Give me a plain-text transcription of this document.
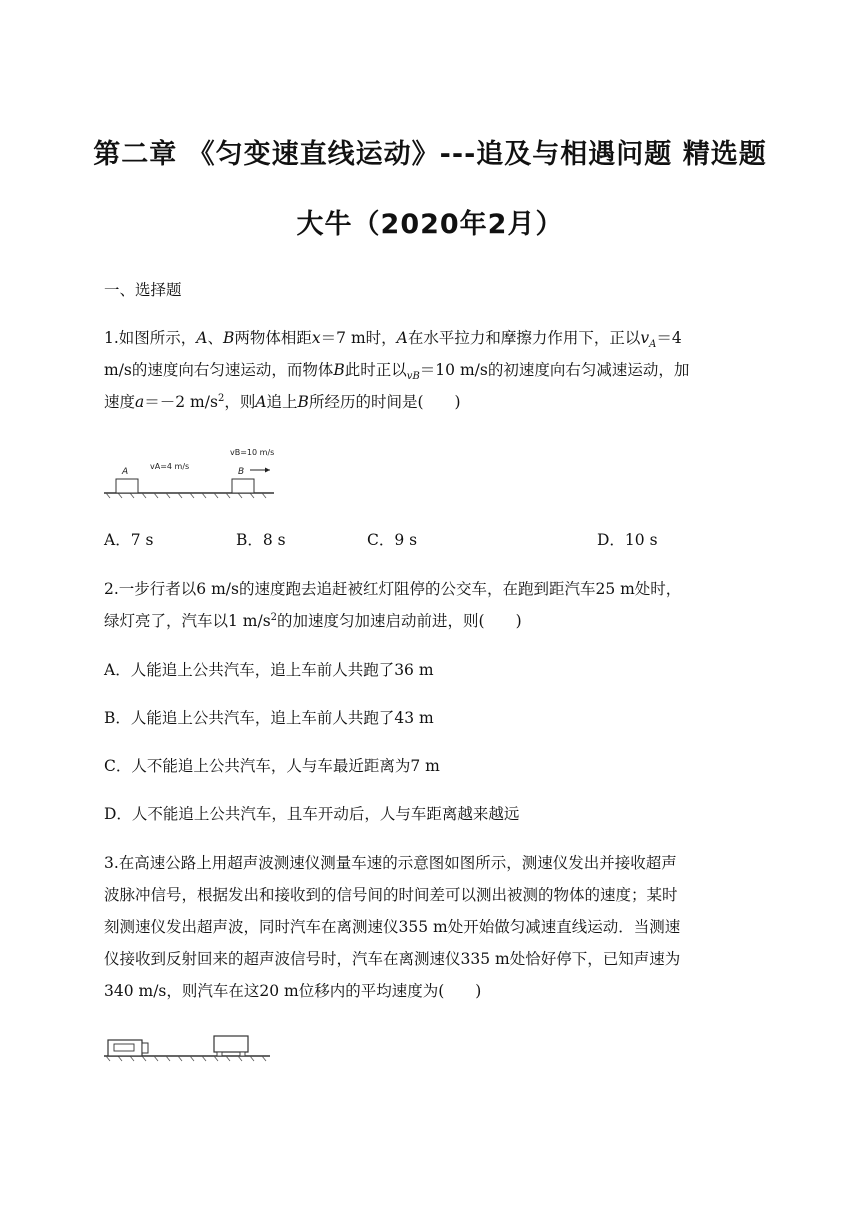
第二章 《匀变速直线运动》---追及与相遇问题 精选题
大牛（2020年2月）
一、选择题
1.如图所示，A、B两物体相距x＝7 m时，A在水平拉力和摩擦力作用下，正以$v_A=4$
m/s的速度向右匀速运动，而物体B此时正以$_{vB}$＝10 m/s的初速度向右匀减速运动，加
速度a＝－2 $m/s^2$，则A追上B所经历的时间是(　　)
A
vA=4 m/s
B
vB=10 m/s
A．7 s	B．8 s	C．9 s	D．10 s
2.一步行者以6 m/s的速度跑去追赶被红灯阻停的公交车，在跑到距汽车25 m处时，
绿灯亮了，汽车以1 $m/s^2$的加速度匀加速启动前进，则(　　)
A．人能追上公共汽车，追上车前人共跑了36 m
B．人能追上公共汽车，追上车前人共跑了43 m
C．人不能追上公共汽车，人与车最近距离为7 m
D．人不能追上公共汽车，且车开动后，人与车距离越来越远
3.在高速公路上用超声波测速仪测量车速的示意图如图所示，测速仪发出并接收超声
波脉冲信号，根据发出和接收到的信号间的时间差可以测出被测的物体的速度；某时
刻测速仪发出超声波，同时汽车在离测速仪355 m处开始做匀减速直线运动．当测速
仪接收到反射回来的超声波信号时，汽车在离测速仪335 m处恰好停下，已知声速为
340 m/s，则汽车在这20 m位移内的平均速度为(　　)
